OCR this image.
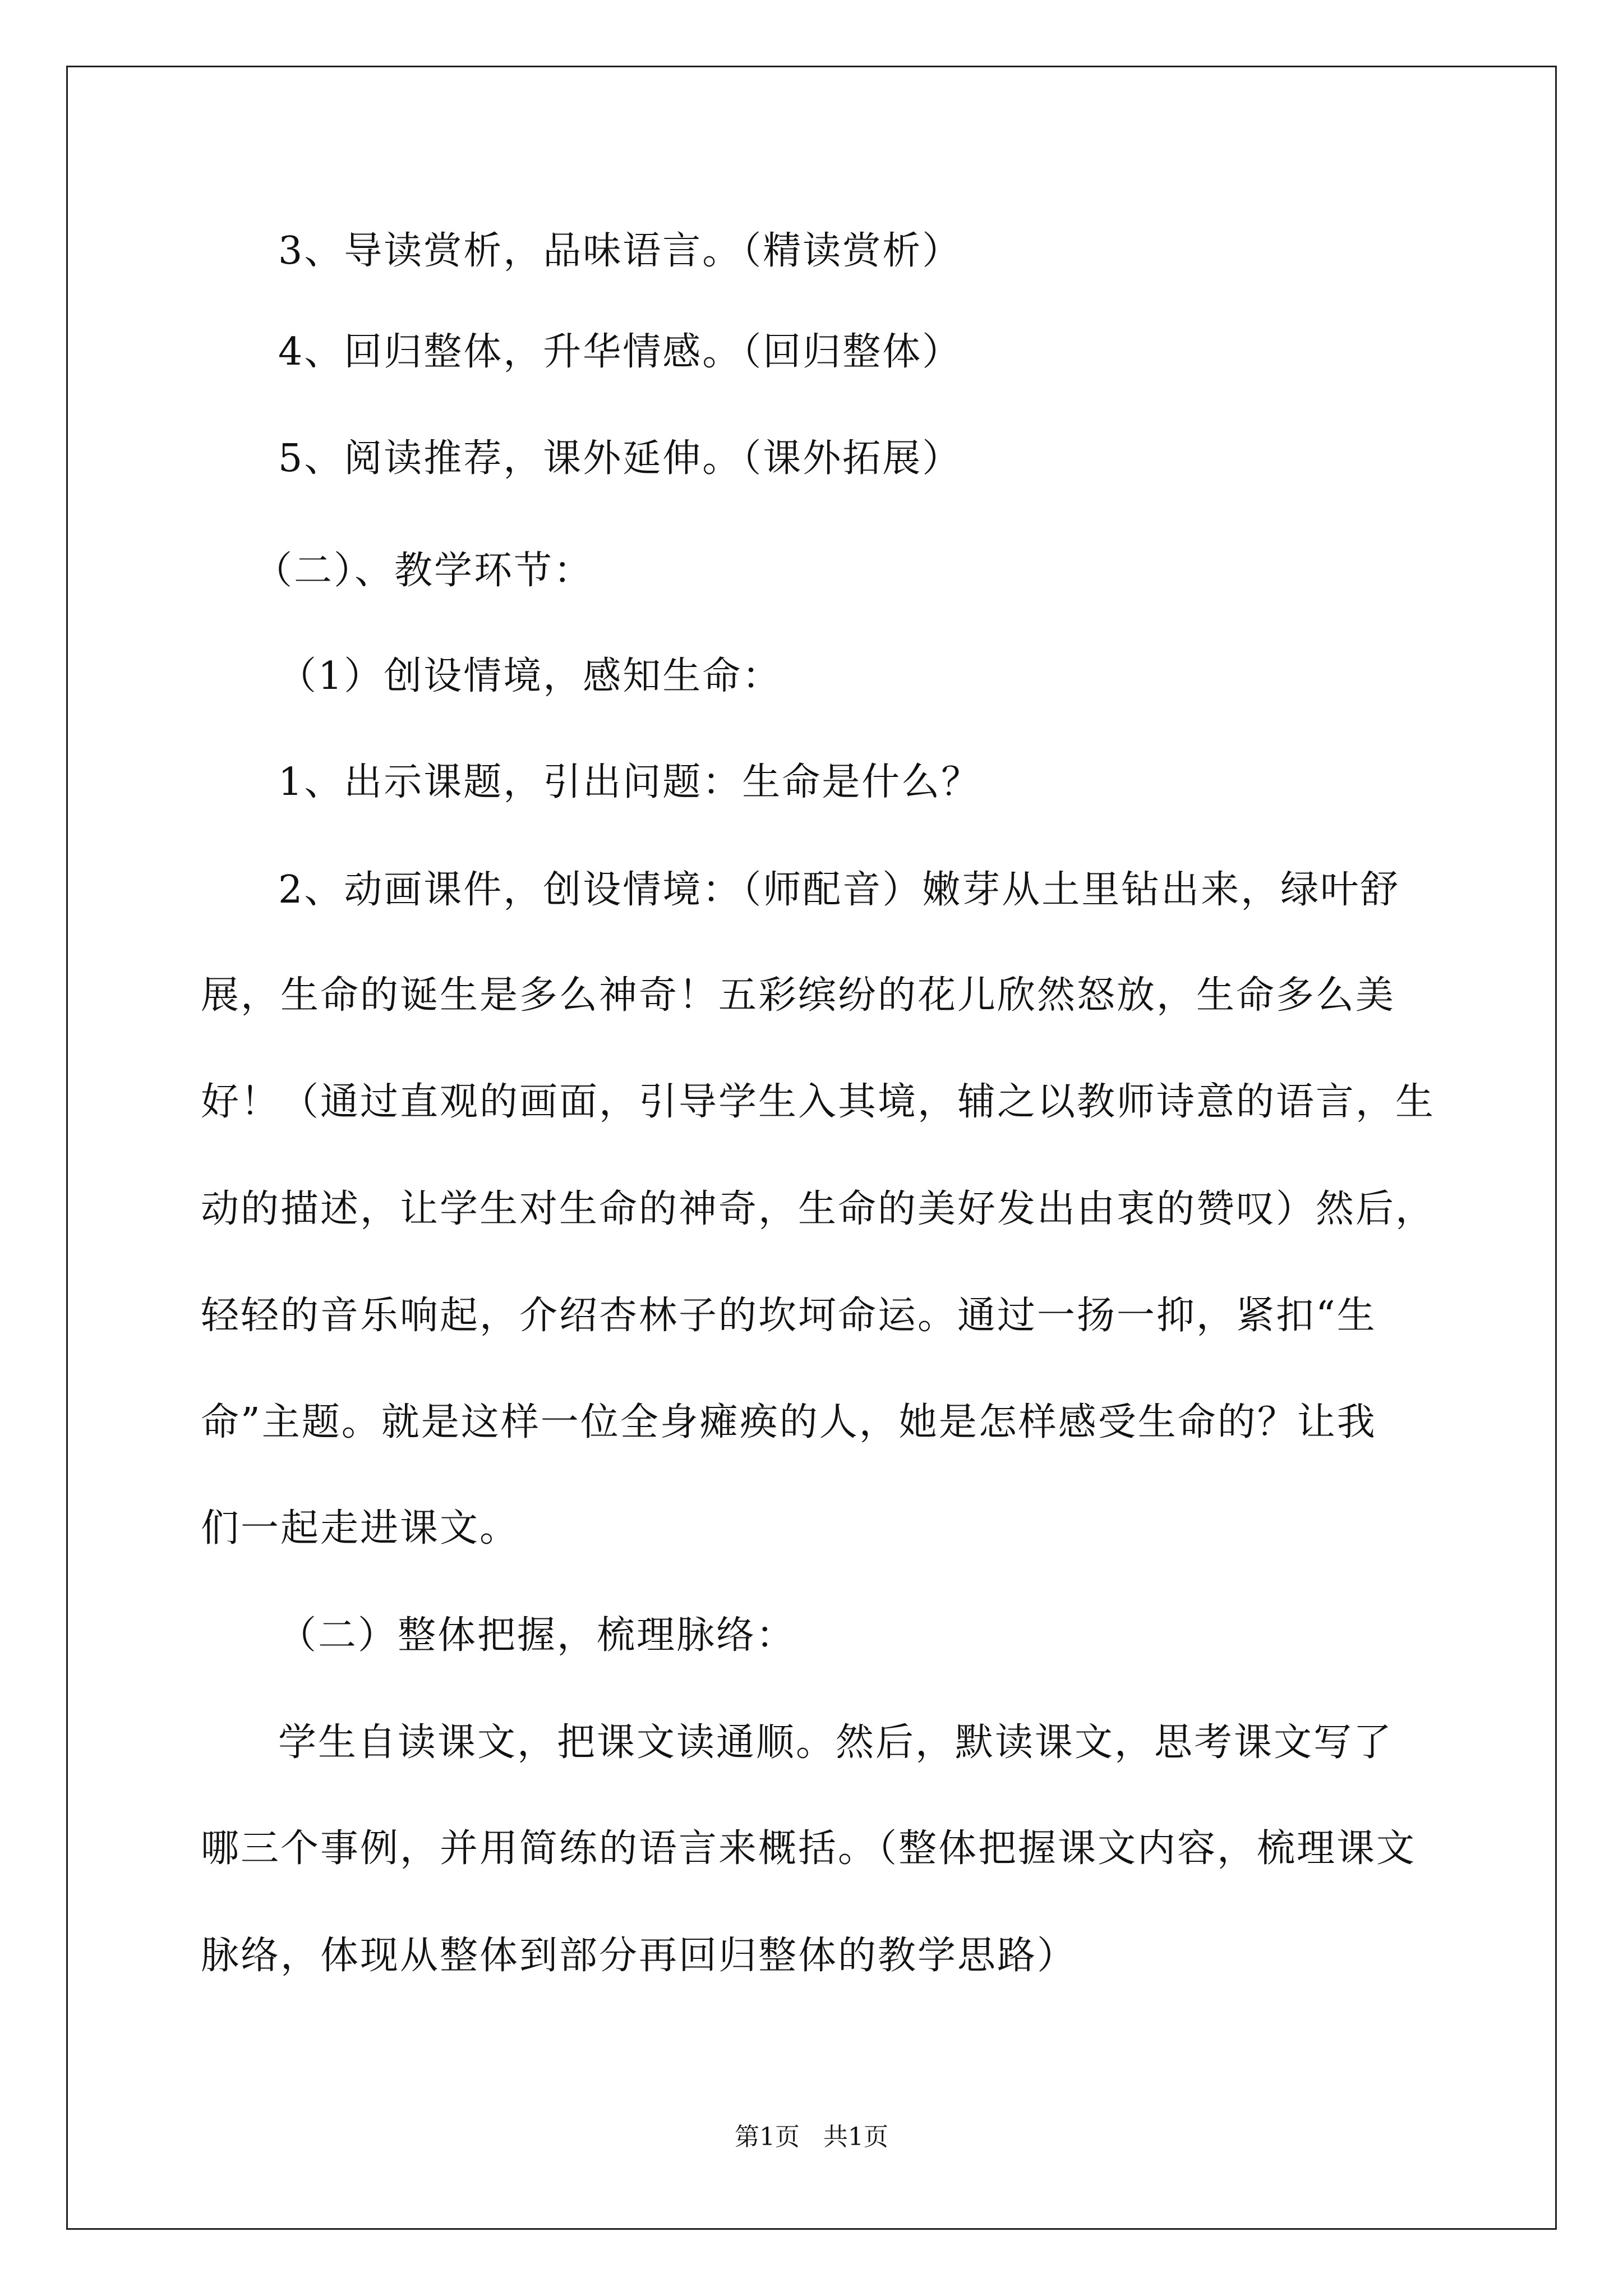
3、导读赏析，品味语言。（精读赏析）

4、回归整体，升华情感。（回归整体）

5、阅读推荐，课外延伸。（课外拓展）

（二）、教学环节：

（1）创设情境，感知生命：

1、出示课题，引出问题：生命是什么？

2、动画课件，创设情境：（师配音）嫩芽从土里钻出来，绿叶舒

展，生命的诞生是多么神奇！五彩缤纷的花儿欣然怒放，生命多么美

好！（通过直观的画面，引导学生入其境，辅之以教师诗意的语言，生

动的描述，让学生对生命的神奇，生命的美好发出由衷的赞叹）然后，

轻轻的音乐响起，介绍杏林子的坎坷命运。通过一扬一抑，紧扣“生

命”主题。就是这样一位全身瘫痪的人，她是怎样感受生命的？让我

们一起走进课文。

（二）整体把握，梳理脉络：

学生自读课文，把课文读通顺。然后，默读课文，思考课文写了

哪三个事例，并用简练的语言来概括。（整体把握课文内容，梳理课文

脉络，体现从整体到部分再回归整体的教学思路）

第1页   共1页
